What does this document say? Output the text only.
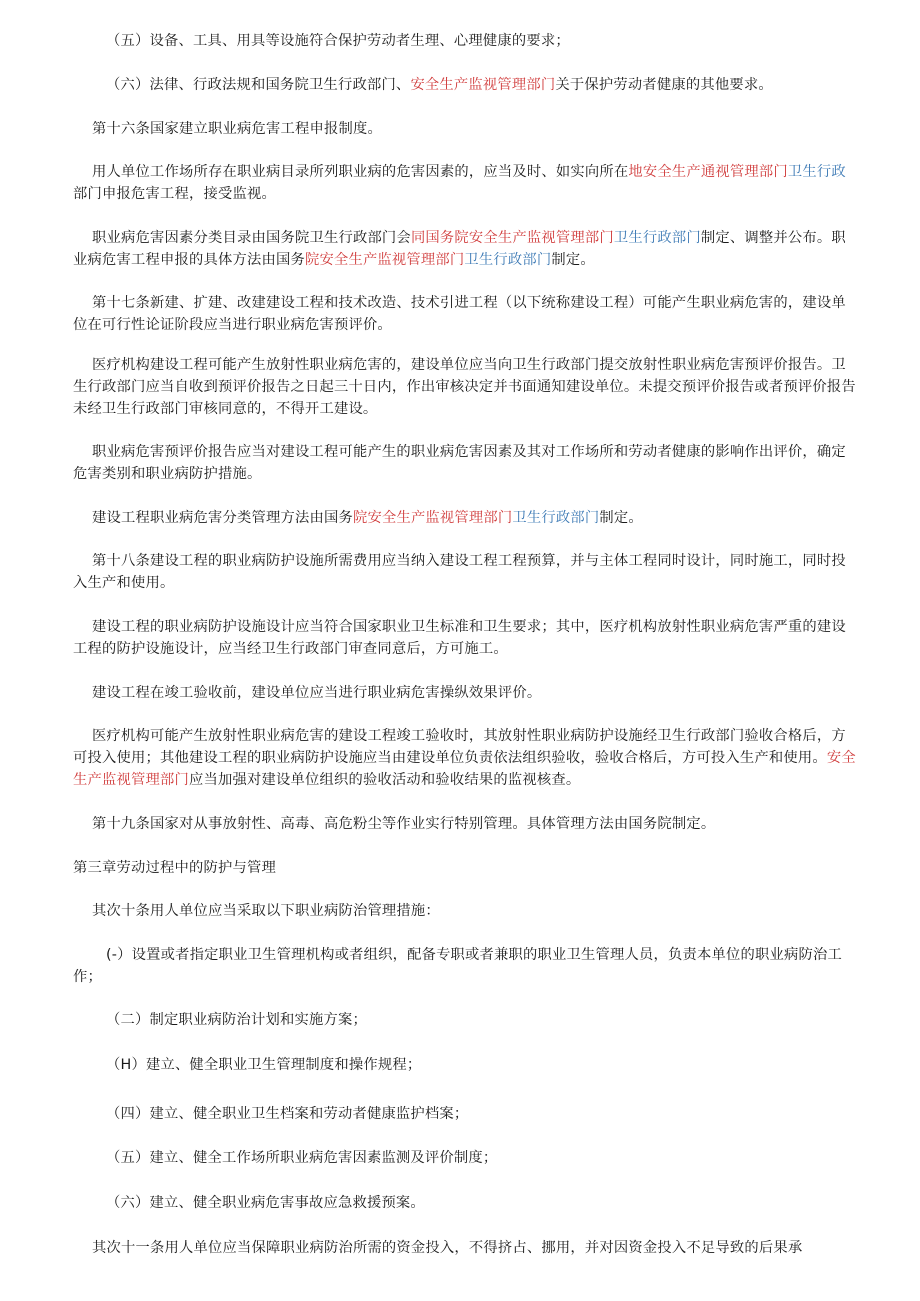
（五）设备、工具、用具等设施符合保护劳动者生理、心理健康的要求；

（六）法律、行政法规和国务院卫生行政部门、安全生产监视管理部门关于保护劳动者健康的其他要求。

第十六条国家建立职业病危害工程申报制度。

用人单位工作场所存在职业病目录所列职业病的危害因素的，应当及时、如实向所在地安全生产通视管理部门卫生行政部门申报危害工程，接受监视。

职业病危害因素分类目录由国务院卫生行政部门会同国务院安全生产监视管理部门卫生行政部门制定、调整并公布。职业病危害工程申报的具体方法由国务院安全生产监视管理部门卫生行政部门制定。

第十七条新建、扩建、改建建设工程和技术改造、技术引进工程（以下统称建设工程）可能产生职业病危害的，建设单位在可行性论证阶段应当进行职业病危害预评价。

医疗机构建设工程可能产生放射性职业病危害的，建设单位应当向卫生行政部门提交放射性职业病危害预评价报告。卫生行政部门应当自收到预评价报告之日起三十日内，作出审核决定并书面通知建设单位。未提交预评价报告或者预评价报告未经卫生行政部门审核同意的，不得开工建设。

职业病危害预评价报告应当对建设工程可能产生的职业病危害因素及其对工作场所和劳动者健康的影响作出评价，确定危害类别和职业病防护措施。

建设工程职业病危害分类管理方法由国务院安全生产监视管理部门卫生行政部门制定。

第十八条建设工程的职业病防护设施所需费用应当纳入建设工程工程预算，并与主体工程同时设计，同时施工，同时投入生产和使用。

建设工程的职业病防护设施设计应当符合国家职业卫生标准和卫生要求；其中，医疗机构放射性职业病危害严重的建设工程的防护设施设计，应当经卫生行政部门审查同意后，方可施工。

建设工程在竣工验收前，建设单位应当进行职业病危害操纵效果评价。

医疗机构可能产生放射性职业病危害的建设工程竣工验收时，其放射性职业病防护设施经卫生行政部门验收合格后，方可投入使用；其他建设工程的职业病防护设施应当由建设单位负责依法组织验收，验收合格后，方可投入生产和使用。安全生产监视管理部门应当加强对建设单位组织的验收活动和验收结果的监视核查。

第十九条国家对从事放射性、高毒、高危粉尘等作业实行特别管理。具体管理方法由国务院制定。

第三章劳动过程中的防护与管理

其次十条用人单位应当采取以下职业病防治管理措施：

(-）设置或者指定职业卫生管理机构或者组织，配备专职或者兼职的职业卫生管理人员，负责本单位的职业病防治工作；

（二）制定职业病防治计划和实施方案；

（H）建立、健全职业卫生管理制度和操作规程；

（四）建立、健全职业卫生档案和劳动者健康监护档案；

（五）建立、健全工作场所职业病危害因素监测及评价制度；

（六）建立、健全职业病危害事故应急救援预案。

其次十一条用人单位应当保障职业病防治所需的资金投入，不得挤占、挪用，并对因资金投入不足导致的后果承
